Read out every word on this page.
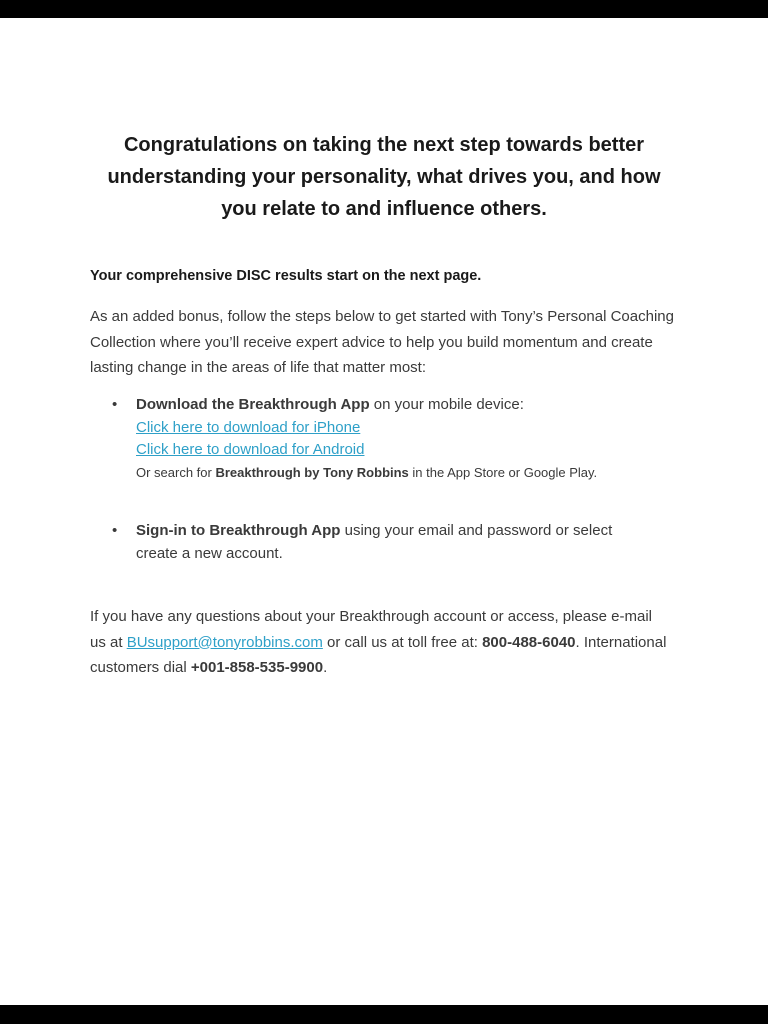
Congratulations on taking the next step towards better understanding your personality, what drives you, and how you relate to and influence others.
Your comprehensive DISC results start on the next page.
As an added bonus, follow the steps below to get started with Tony’s Personal Coaching Collection where you’ll receive expert advice to help you build momentum and create lasting change in the areas of life that matter most:
•	Download the Breakthrough App on your mobile device:
Click here to download for iPhone
Click here to download for Android
Or search for Breakthrough by Tony Robbins in the App Store or Google Play.
•	Sign-in to Breakthrough App using your email and password or select create a new account.
If you have any questions about your Breakthrough account or access, please e-mail us at BUsupport@tonyrobbins.com or call us at toll free at: 800-488-6040. International customers dial +001-858-535-9900.
